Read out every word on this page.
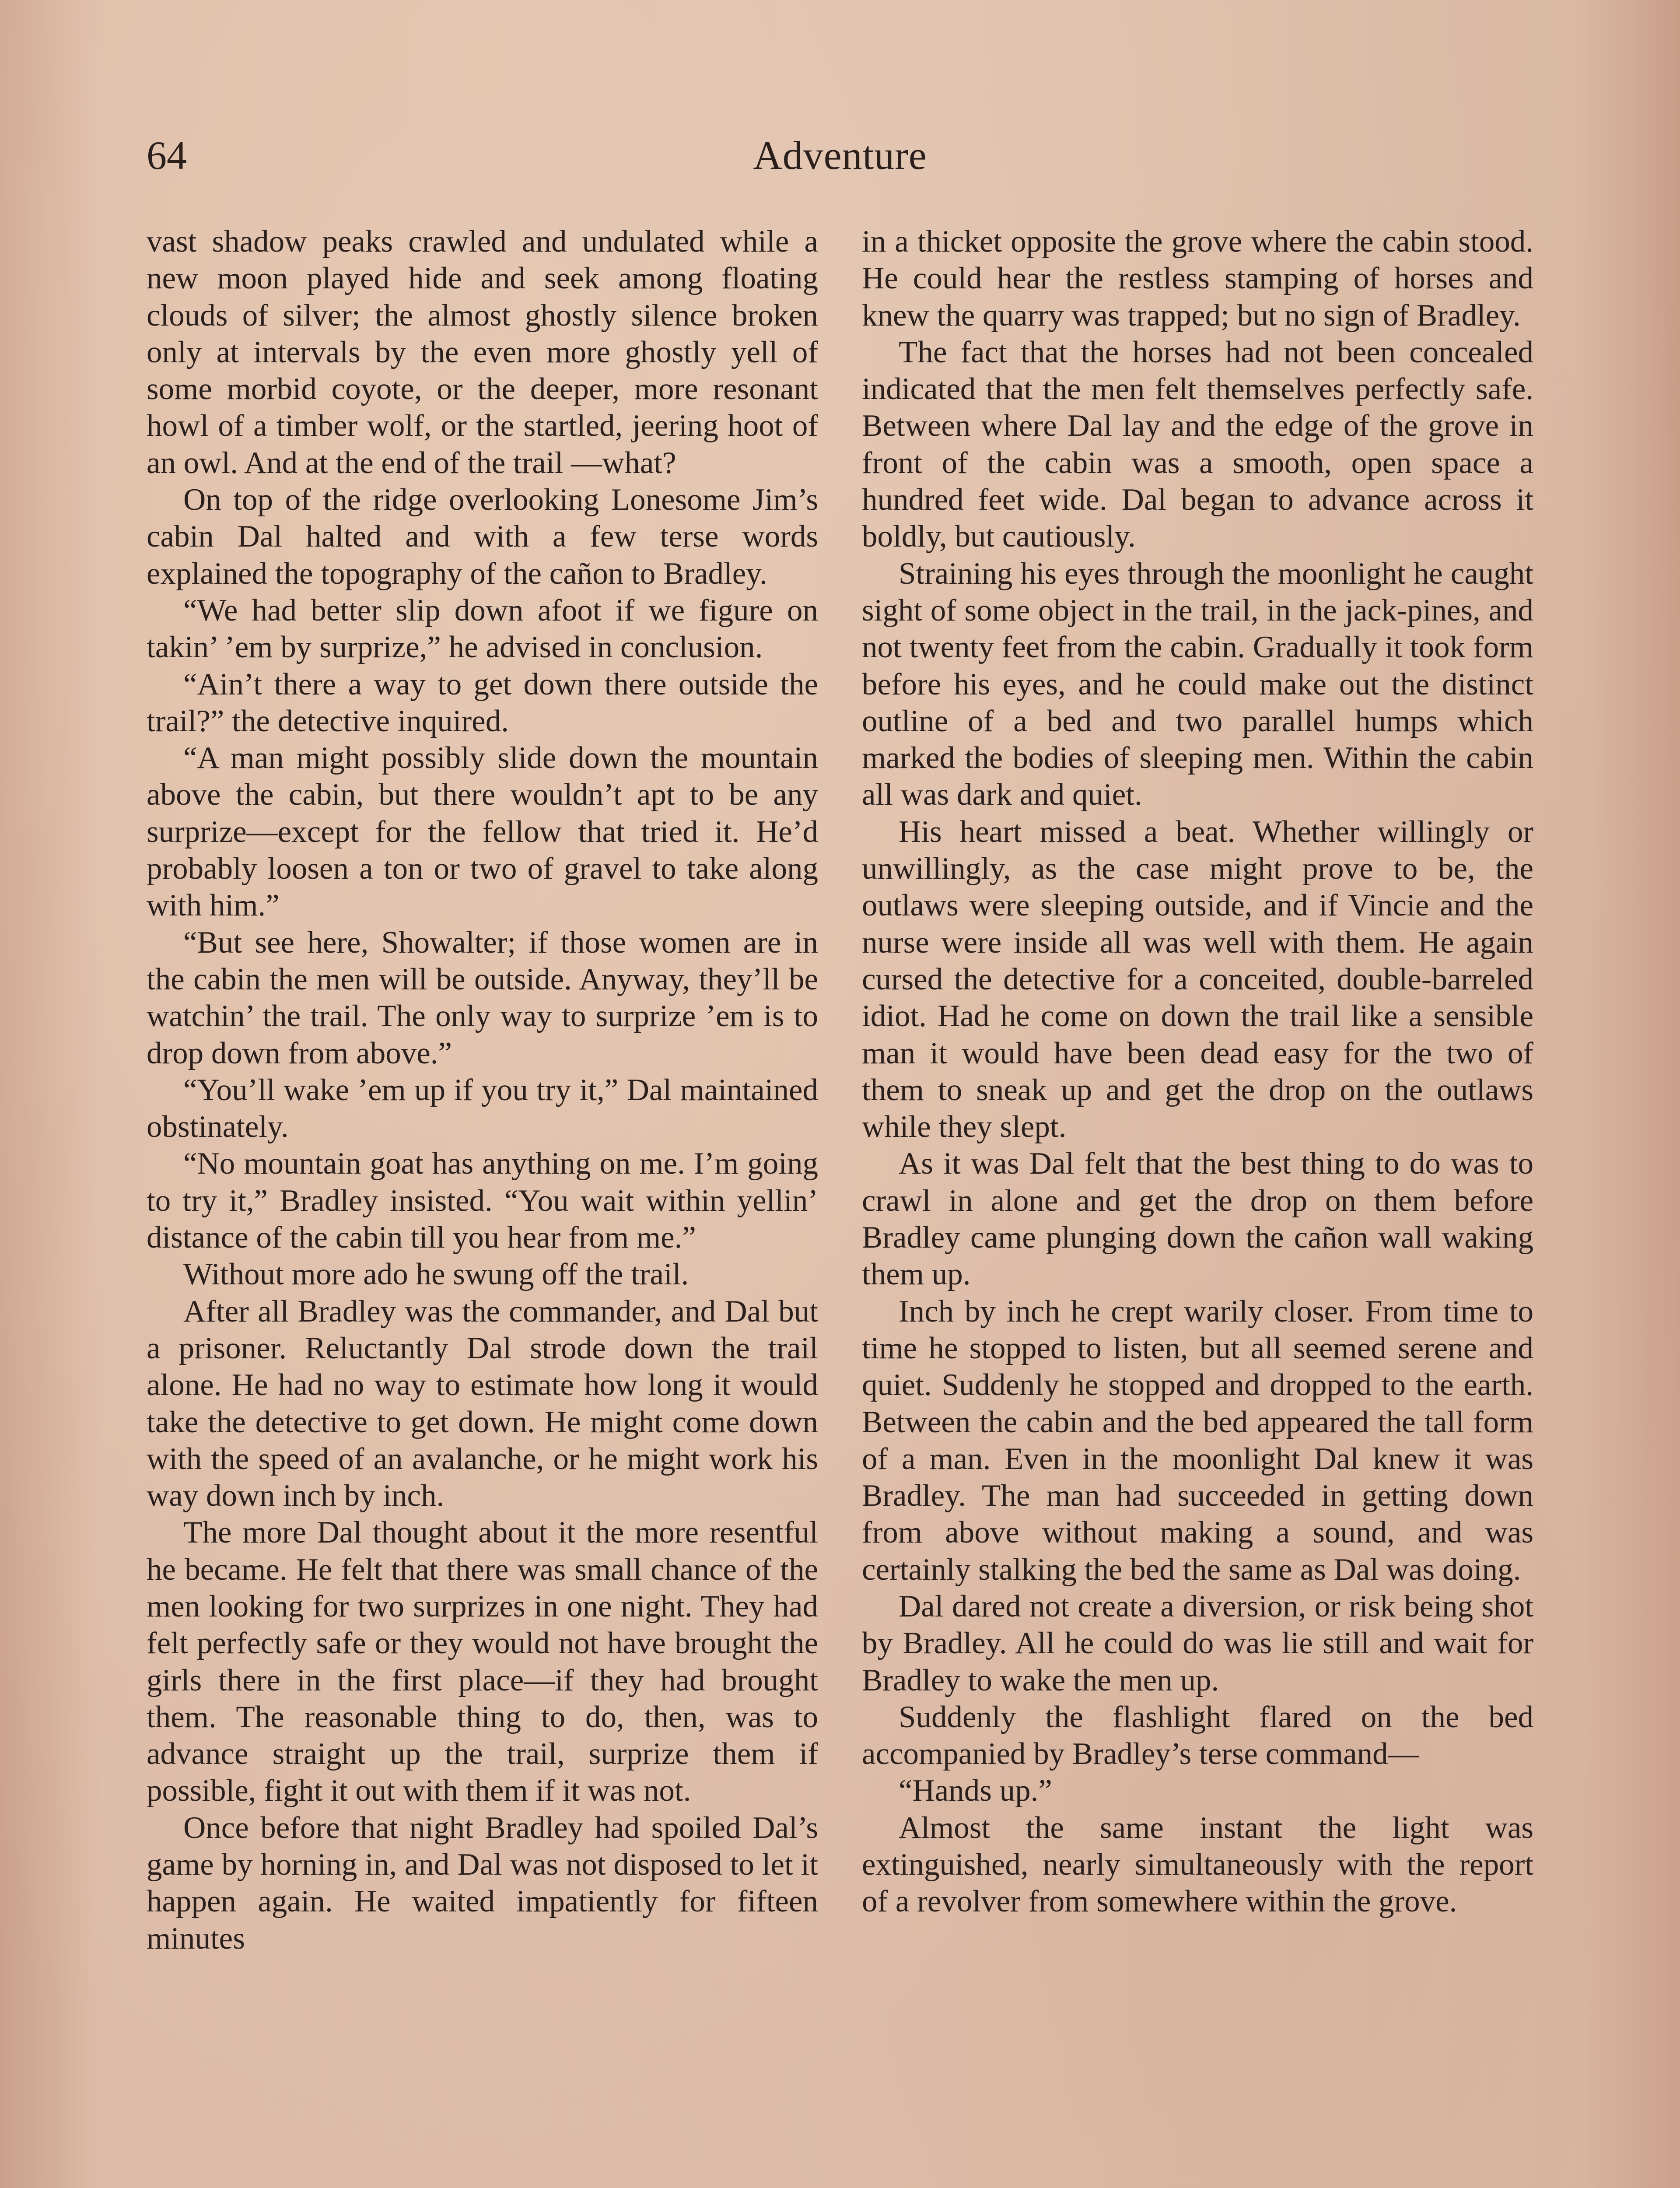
64	Adventure

vast shadow peaks crawled and undulated while a new moon played hide and seek among floating clouds of silver; the almost ghostly silence broken only at intervals by the even more ghostly yell of some morbid coyote, or the deeper, more resonant howl of a timber wolf, or the startled, jeering hoot of an owl. And at the end of the trail —what?

On top of the ridge overlooking Lonesome Jim’s cabin Dal halted and with a few terse words explained the topography of the cañon to Bradley.

“We had better slip down afoot if we figure on takin’ ’em by surprize,” he advised in conclusion.

“Ain’t there a way to get down there outside the trail?” the detective inquired.

“A man might possibly slide down the mountain above the cabin, but there wouldn’t apt to be any surprize—except for the fellow that tried it. He’d probably loosen a ton or two of gravel to take along with him.”

“But see here, Showalter; if those women are in the cabin the men will be outside. Anyway, they’ll be watchin’ the trail. The only way to surprize ’em is to drop down from above.”

“You’ll wake ’em up if you try it,” Dal maintained obstinately.

“No mountain goat has anything on me. I’m going to try it,” Bradley insisted. “You wait within yellin’ distance of the cabin till you hear from me.”

Without more ado he swung off the trail.

After all Bradley was the commander, and Dal but a prisoner. Reluctantly Dal strode down the trail alone. He had no way to estimate how long it would take the detective to get down. He might come down with the speed of an avalanche, or he might work his way down inch by inch.

The more Dal thought about it the more resentful he became. He felt that there was small chance of the men looking for two surprizes in one night. They had felt perfectly safe or they would not have brought the girls there in the first place—if they had brought them. The reasonable thing to do, then, was to advance straight up the trail, surprize them if possible, fight it out with them if it was not.

Once before that night Bradley had spoiled Dal’s game by horning in, and Dal was not disposed to let it happen again. He waited impatiently for fifteen minutes

in a thicket opposite the grove where the cabin stood. He could hear the restless stamping of horses and knew the quarry was trapped; but no sign of Bradley.

The fact that the horses had not been concealed indicated that the men felt themselves perfectly safe. Between where Dal lay and the edge of the grove in front of the cabin was a smooth, open space a hundred feet wide. Dal began to advance across it boldly, but cautiously.

Straining his eyes through the moonlight he caught sight of some object in the trail, in the jack-pines, and not twenty feet from the cabin. Gradually it took form before his eyes, and he could make out the distinct outline of a bed and two parallel humps which marked the bodies of sleeping men. Within the cabin all was dark and quiet.

His heart missed a beat. Whether willingly or unwillingly, as the case might prove to be, the outlaws were sleeping outside, and if Vincie and the nurse were inside all was well with them. He again cursed the detective for a conceited, double-barreled idiot. Had he come on down the trail like a sensible man it would have been dead easy for the two of them to sneak up and get the drop on the outlaws while they slept.

As it was Dal felt that the best thing to do was to crawl in alone and get the drop on them before Bradley came plunging down the cañon wall waking them up.

Inch by inch he crept warily closer. From time to time he stopped to listen, but all seemed serene and quiet. Suddenly he stopped and dropped to the earth. Between the cabin and the bed appeared the tall form of a man. Even in the moonlight Dal knew it was Bradley. The man had succeeded in getting down from above without making a sound, and was certainly stalking the bed the same as Dal was doing.

Dal dared not create a diversion, or risk being shot by Bradley. All he could do was lie still and wait for Bradley to wake the men up.

Suddenly the flashlight flared on the bed accompanied by Bradley’s terse command—

“Hands up.”

Almost the same instant the light was extinguished, nearly simultaneously with the report of a revolver from somewhere within the grove.
